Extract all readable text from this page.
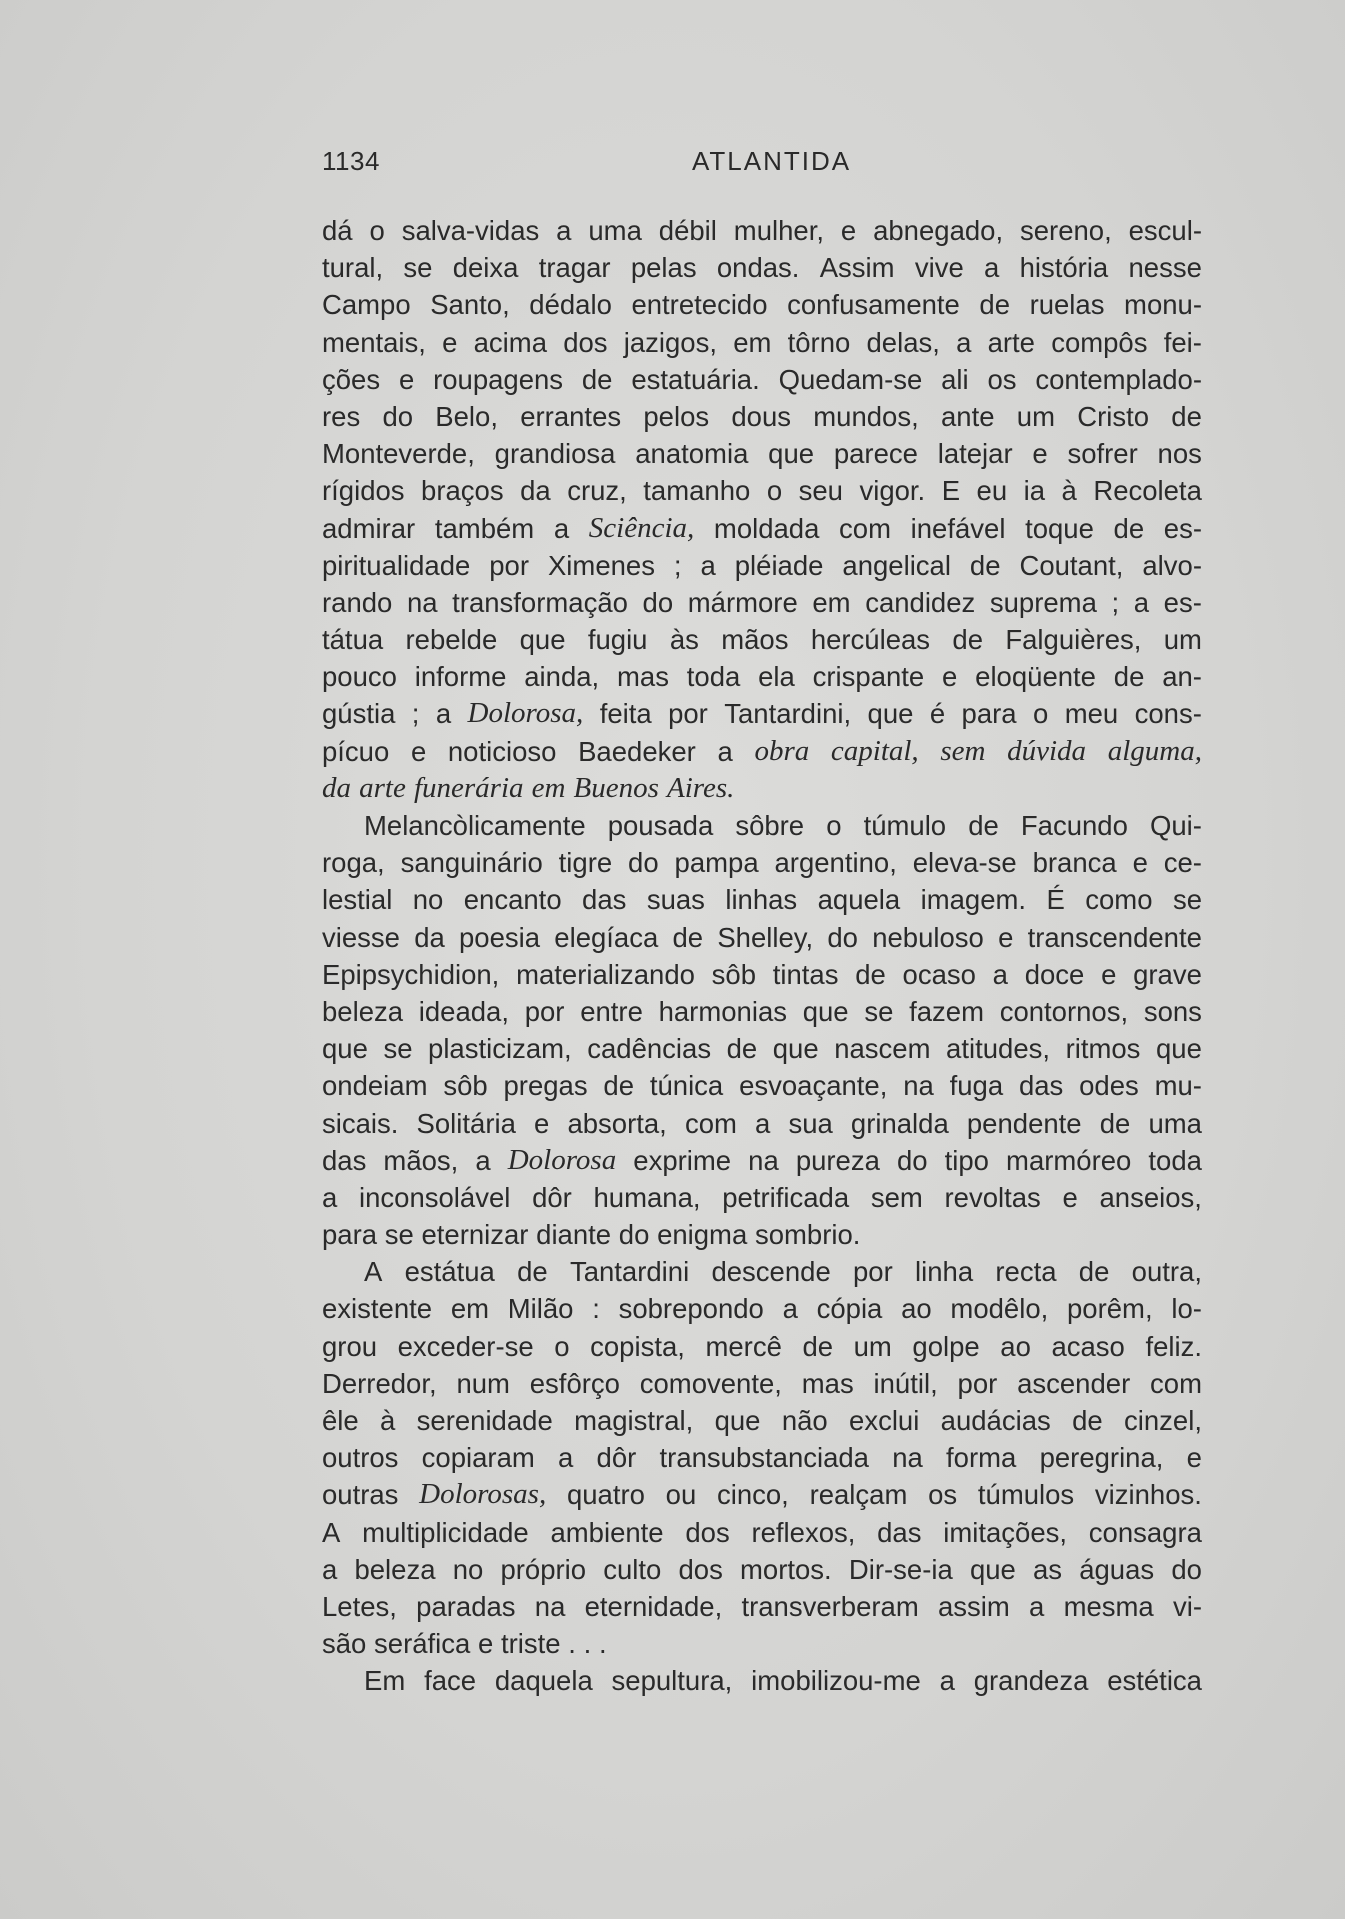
1134	ATLANTIDA
dá o salva-vidas a uma débil mulher, e abnegado, sereno, escul-
tural, se deixa tragar pelas ondas. Assim vive a história nesse
Campo Santo, dédalo entretecido confusamente de ruelas monu-
mentais, e acima dos jazigos, em tôrno delas, a arte compôs fei-
ções e roupagens de estatuária. Quedam-se ali os contemplado-
res do Belo, errantes pelos dous mundos, ante um Cristo de
Monteverde, grandiosa anatomia que parece latejar e sofrer nos
rígidos braços da cruz, tamanho o seu vigor. E eu ia à Recoleta
admirar também a Sciência, moldada com inefável toque de es-
piritualidade por Ximenes ; a pléiade angelical de Coutant, alvo-
rando na transformação do mármore em candidez suprema ; a es-
tátua rebelde que fugiu às mãos hercúleas de Falguières, um
pouco informe ainda, mas toda ela crispante e eloqüente de an-
gústia ; a Dolorosa, feita por Tantardini, que é para o meu cons-
pícuo e noticioso Baedeker a obra capital, sem dúvida alguma,
da arte funerária em Buenos Aires.
Melancòlicamente pousada sôbre o túmulo de Facundo Qui-
roga, sanguinário tigre do pampa argentino, eleva-se branca e ce-
lestial no encanto das suas linhas aquela imagem. É como se
viesse da poesia elegíaca de Shelley, do nebuloso e transcendente
Epipsychidion, materializando sôb tintas de ocaso a doce e grave
beleza ideada, por entre harmonias que se fazem contornos, sons
que se plasticizam, cadências de que nascem atitudes, ritmos que
ondeiam sôb pregas de túnica esvoaçante, na fuga das odes mu-
sicais. Solitária e absorta, com a sua grinalda pendente de uma
das mãos, a Dolorosa exprime na pureza do tipo marmóreo toda
a inconsolável dôr humana, petrificada sem revoltas e anseios,
para se eternizar diante do enigma sombrio.
A estátua de Tantardini descende por linha recta de outra,
existente em Milão : sobrepondo a cópia ao modêlo, porêm, lo-
grou exceder-se o copista, mercê de um golpe ao acaso feliz.
Derredor, num esfôrço comovente, mas inútil, por ascender com
êle à serenidade magistral, que não exclui audácias de cinzel,
outros copiaram a dôr transubstanciada na forma peregrina, e
outras Dolorosas, quatro ou cinco, realçam os túmulos vizinhos.
A multiplicidade ambiente dos reflexos, das imitações, consagra
a beleza no próprio culto dos mortos. Dir-se-ia que as águas do
Letes, paradas na eternidade, transverberam assim a mesma vi-
são seráfica e triste . . .
Em face daquela sepultura, imobilizou-me a grandeza estética
